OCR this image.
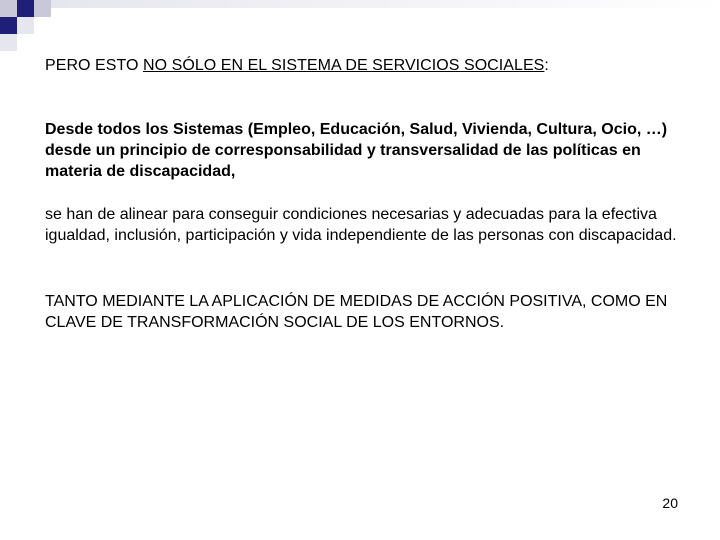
PERO ESTO NO SÓLO EN EL SISTEMA DE SERVICIOS SOCIALES:

Desde todos los Sistemas (Empleo, Educación, Salud, Vivienda, Cultura, Ocio, …) desde un principio de corresponsabilidad y transversalidad de las políticas en materia de discapacidad,

se han de alinear para conseguir condiciones necesarias y adecuadas para la efectiva igualdad, inclusión, participación y vida independiente de las personas con discapacidad.

TANTO MEDIANTE LA APLICACIÓN DE MEDIDAS DE ACCIÓN POSITIVA, COMO EN CLAVE DE TRANSFORMACIÓN SOCIAL DE LOS ENTORNOS.

20
